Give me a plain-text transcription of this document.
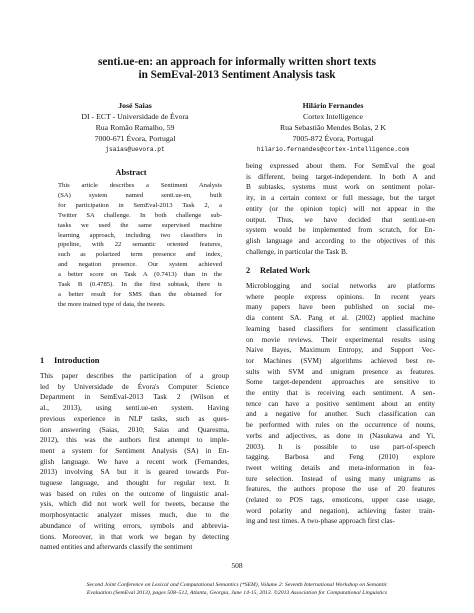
senti.ue-en: an approach for informally written short texts
in SemEval-2013 Sentiment Analysis task
José Saias
DI - ECT - Universidade de Évora
Rua Romão Ramalho, 59
7000-671 Évora, Portugal
jsaias@uevora.pt
Hilário Fernandes
Cortex Intelligence
Rua Sebastião Mendes Bolas, 2 K
7005-872 Évora, Portugal
hilario.fernandes@cortex-intelligence.com
Abstract

This article describes a Sentiment Analysis
(SA) system named senti.ue-en, built
for participation in SemEval-2013 Task 2, a
Twitter SA challenge. In both challenge sub-
tasks we used the same supervised machine
learning approach, including two classifiers in
pipeline, with 22 semantic oriented features,
such as polarized term presence and index,
and negation presence. Our system achieved
a better score on Task A (0.7413) than in the
Task B (0.4785). In the first subtask, there is
a better result for SMS than the obtained for
the more trained type of data, the tweets.

1 Introduction

This paper describes the participation of a group
led by Universidade de Évora's Computer Science
Department in SemEval-2013 Task 2 (Wilson et
al., 2013), using senti.ue-en system. Having
previous experience in NLP tasks, such as ques-
tion answering (Saias, 2010; Saias and Quaresma,
2012), this was the authors first attempt to imple-
ment a system for Sentiment Analysis (SA) in En-
glish language. We have a recent work (Fernandes,
2013) involving SA but it is geared towards Por-
tuguese language, and thought for regular text. It
was based on rules on the outcome of linguistic anal-
ysis, which did not work well for tweets, because the
morphosyntactic analyzer misses much, due to the
abundance of writing errors, symbols and abbrevia-
tions. Moreover, in that work we began by detecting
named entities and afterwards classify the sentiment

being expressed about them. For SemEval the goal
is different, being target-independent. In both A and
B subtasks, systems must work on sentiment polar-
ity, in a certain context or full message, but the target
entity (or the opinion topic) will not appear in the
output. Thus, we have decided that senti.ue-en
system would be implemented from scratch, for En-
glish language and according to the objectives of this
challenge, in particular the Task B.

2 Related Work

Microblogging and social networks are platforms
where people express opinions. In recent years
many papers have been published on social me-
dia content SA. Pang et al. (2002) applied machine
learning based classifiers for sentiment classification
on movie reviews. Their experimental results using
Naive Bayes, Maximum Entropy, and Support Vec-
tor Machines (SVM) algorithms achieved best re-
sults with SVM and unigram presence as features.
Some target-dependent approaches are sensitive to
the entity that is receiving each sentiment. A sen-
tence can have a positive sentiment about an entity
and a negative for another. Such classification can
be performed with rules on the occurrence of nouns,
verbs and adjectives, as done in (Nasukawa and Yi,
2003). It is possible to use part-of-speech
tagging. Barbosa and Feng (2010) explore
tweet writing details and meta-information in fea-
ture selection. Instead of using many unigrams as
features, the authors propose the use of 20 features
(related to POS tags, emoticons, upper case usage,
word polarity and negation), achieving faster train-
ing and test times. A two-phase approach first clas-

508
Second Joint Conference on Lexical and Computational Semantics (*SEM), Volume 2: Seventh International Workshop on Semantic
Evaluation (SemEval 2013), pages 508–512, Atlanta, Georgia, June 14-15, 2013. ©2013 Association for Computational Linguistics
